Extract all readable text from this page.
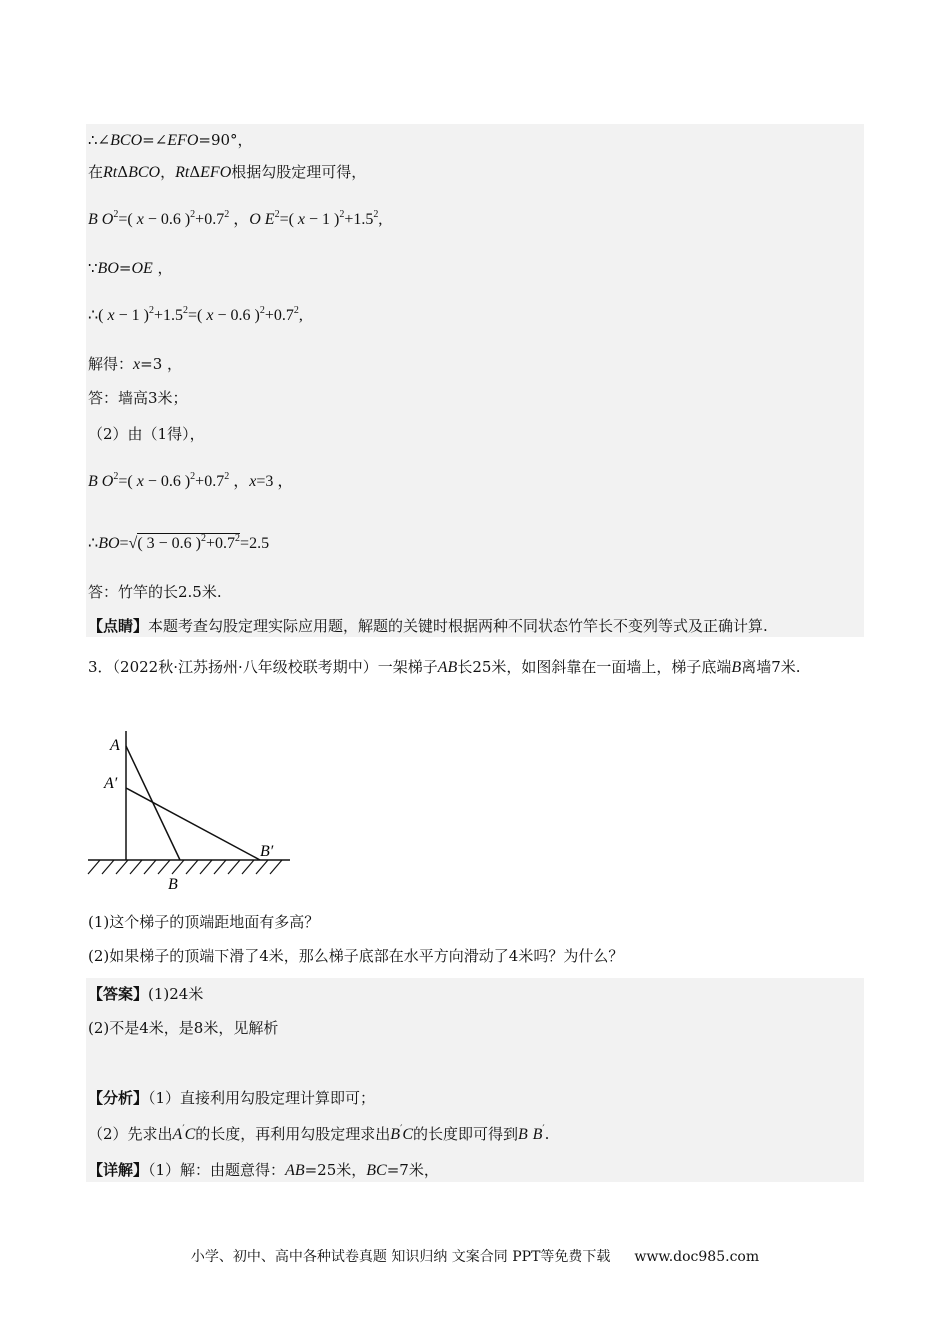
∴∠BCO=∠EFO=90°，
在RtΔBCO，RtΔEFO根据勾股定理可得，
B $O^2=$( x − 0.6 )$^2+0.7^2$ ，O $E^2=$( x − 1 )$^2+1.5^2$,
∵BO=OE ，
∴( x − 1 )$^2+1.5^2=$( x − 0.6 )$^2+0.7^2$,
解得：x=3 ，
答：墙高3米；
（2）由（1得），
B $O^2=$( x − 0.6 )$^2+0.7^2$ ，x=3 ，
∴BO=√( 3 − 0.6 )$^2+0.7^2=2.5$
答：竹竿的长2.5米.
【点睛】本题考查勾股定理实际应用题，解题的关键时根据两种不同状态竹竿长不变列等式及正确计算.
3．（2022秋·江苏扬州·八年级校联考期中）一架梯子AB长25米，如图斜靠在一面墙上，梯子底端B离墙7米.
A
A′
B
B′
(1)这个梯子的顶端距地面有多高？
(2)如果梯子的顶端下滑了4米，那么梯子底部在水平方向滑动了4米吗？为什么？
【答案】(1)24米
(2)不是4米，是8米，见解析
【分析】（1）直接利用勾股定理计算即可；
（2）先求出A′C的长度，再利用勾股定理求出B′C的长度即可得到B B′.
【详解】（1）解：由题意得：AB=25米，BC=7米，
小学、初中、高中各种试卷真题 知识归纳 文案合同 PPT等免费下载 www.doc985.com
